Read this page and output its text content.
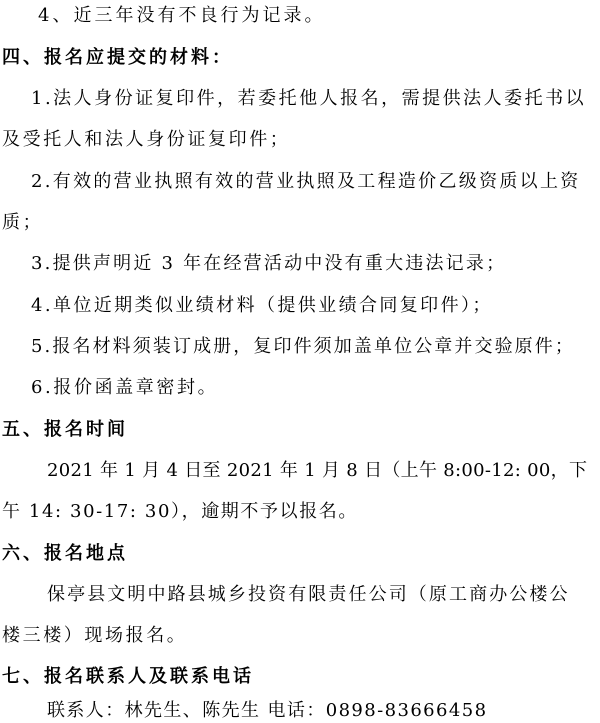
4、近三年没有不良行为记录。
四、报名应提交的材料：
1.法人身份证复印件，若委托他人报名，需提供法人委托书以
及受托人和法人身份证复印件；
2.有效的营业执照有效的营业执照及工程造价乙级资质以上资
质；
3.提供声明近 3 年在经营活动中没有重大违法记录；
4.单位近期类似业绩材料（提供业绩合同复印件）；
5.报名材料须装订成册，复印件须加盖单位公章并交验原件；
6.报价函盖章密封。
五、报名时间
2021 年 1 月 4 日至 2021 年 1 月 8 日（上午 8:00-12: 00，下
午 14: 30-17: 30），逾期不予以报名。
六、报名地点
保亭县文明中路县城乡投资有限责任公司（原工商办公楼公
楼三楼）现场报名。
七、报名联系人及联系电话
联系人：林先生、陈先生 电话：0898-83666458
